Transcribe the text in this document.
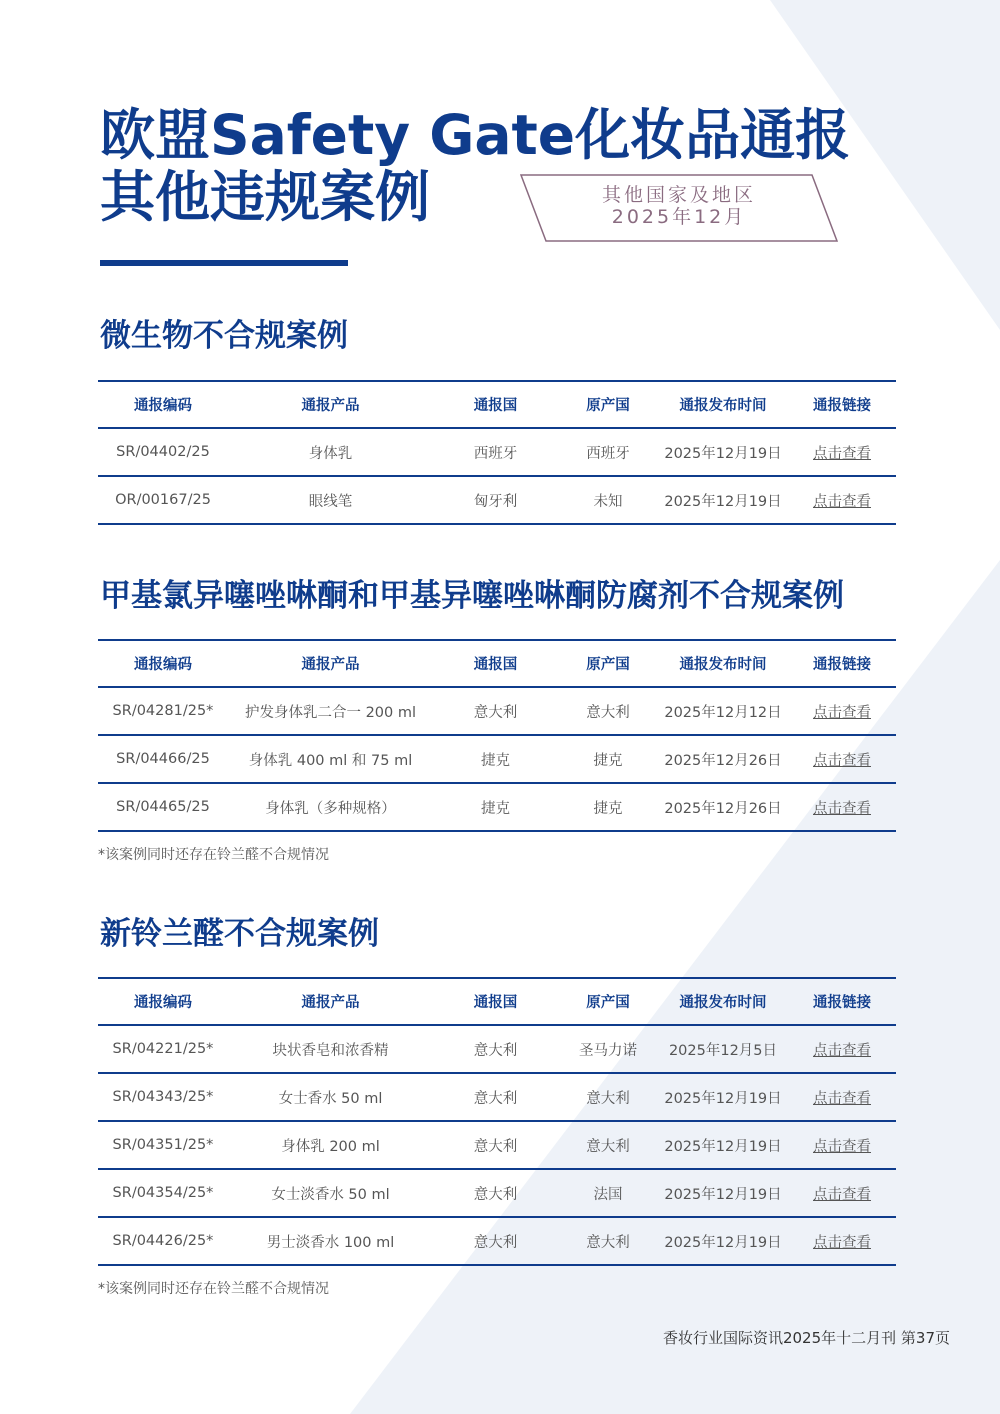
欧盟Safety Gate化妆品通报
其他违规案例	其他国家及地区
2025年12月
微生物不合规案例
通报编码	通报产品	通报国	原产国	通报发布时间	通报链接
SR/04402/25	身体乳	西班牙	西班牙	2025年12月19日	点击查看
OR/00167/25	眼线笔	匈牙利	未知	2025年12月19日	点击查看
甲基氯异噻唑啉酮和甲基异噻唑啉酮防腐剂不合规案例
通报编码	通报产品	通报国	原产国	通报发布时间	通报链接
SR/04281/25*	护发身体乳二合一 200 ml	意大利	意大利	2025年12月12日	点击查看
SR/04466/25	身体乳 400 ml 和 75 ml	捷克	捷克	2025年12月26日	点击查看
SR/04465/25	身体乳（多种规格）	捷克	捷克	2025年12月26日	点击查看
*该案例同时还存在铃兰醛不合规情况
新铃兰醛不合规案例
通报编码	通报产品	通报国	原产国	通报发布时间	通报链接
SR/04221/25*	块状香皂和浓香精	意大利	圣马力诺	2025年12月5日	点击查看
SR/04343/25*	女士香水 50 ml	意大利	意大利	2025年12月19日	点击查看
SR/04351/25*	身体乳 200 ml	意大利	意大利	2025年12月19日	点击查看
SR/04354/25*	女士淡香水 50 ml	意大利	法国	2025年12月19日	点击查看
SR/04426/25*	男士淡香水 100 ml	意大利	意大利	2025年12月19日	点击查看
*该案例同时还存在铃兰醛不合规情况
香妆行业国际资讯2025年十二月刊 第37页
